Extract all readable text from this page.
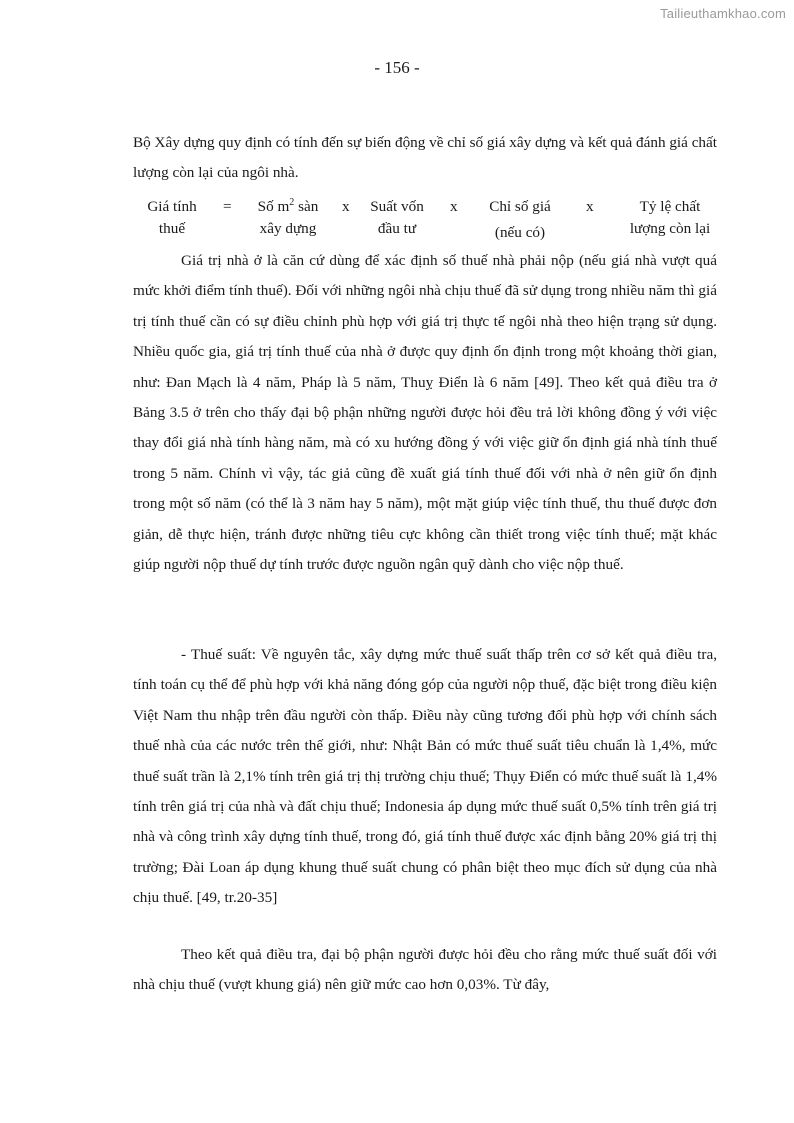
Tailieuthamkhao.com
- 156 -

Bộ Xây dựng quy định có tính đến sự biến động về chỉ số giá xây dựng và kết quả đánh giá chất lượng còn lại của ngôi nhà.

Giá tính
thuế
=	Số $m^2$ sàn
xây dựng
x	Suất vốn
đầu tư
x	Chỉ số giá
(nếu có)
x	Tỷ lệ chất
lượng còn lại

Giá trị nhà ở là căn cứ dùng để xác định số thuế nhà phải nộp (nếu giá nhà vượt quá mức khởi điểm tính thuế). Đối với những ngôi nhà chịu thuế đã sử dụng trong nhiều năm thì giá trị tính thuế cần có sự điều chỉnh phù hợp với giá trị thực tế ngôi nhà theo hiện trạng sử dụng. Nhiều quốc gia, giá trị tính thuế của nhà ở được quy định ổn định trong một khoảng thời gian, như: Đan Mạch là 4 năm, Pháp là 5 năm, Thuỵ Điển là 6 năm [49]. Theo kết quả điều tra ở Bảng 3.5 ở trên cho thấy đại bộ phận những người được hỏi đều trả lời không đồng ý với việc thay đổi giá nhà tính hàng năm, mà có xu hướng đồng ý với việc giữ ổn định giá nhà tính thuế trong 5 năm. Chính vì vậy, tác giả cũng đề xuất giá tính thuế đối với nhà ở nên giữ ổn định trong một số năm (có thể là 3 năm hay 5 năm), một mặt giúp việc tính thuế, thu thuế được đơn giản, dễ thực hiện, tránh được những tiêu cực không cần thiết trong việc tính thuế; mặt khác giúp người nộp thuế dự tính trước được nguồn ngân quỹ dành cho việc nộp thuế.

- Thuế suất: Về nguyên tắc, xây dựng mức thuế suất thấp trên cơ sở kết quả điều tra, tính toán cụ thể để phù hợp với khả năng đóng góp của người nộp thuế, đặc biệt trong điều kiện Việt Nam thu nhập trên đầu người còn thấp. Điều này cũng tương đối phù hợp với chính sách thuế nhà của các nước trên thế giới, như: Nhật Bản có mức thuế suất tiêu chuẩn là 1,4%, mức thuế suất trần là 2,1% tính trên giá trị thị trường chịu thuế; Thụy Điển có mức thuế suất là 1,4% tính trên giá trị của nhà và đất chịu thuế; Indonesia áp dụng mức thuế suất 0,5% tính trên giá trị nhà và công trình xây dựng tính thuế, trong đó, giá tính thuế được xác định bằng 20% giá trị thị trường; Đài Loan áp dụng khung thuế suất chung có phân biệt theo mục đích sử dụng của nhà chịu thuế. [49, tr.20-35]

Theo kết quả điều tra, đại bộ phận người được hỏi đều cho rằng mức thuế suất đối với nhà chịu thuế (vượt khung giá) nên giữ mức cao hơn 0,03%. Từ đây,
